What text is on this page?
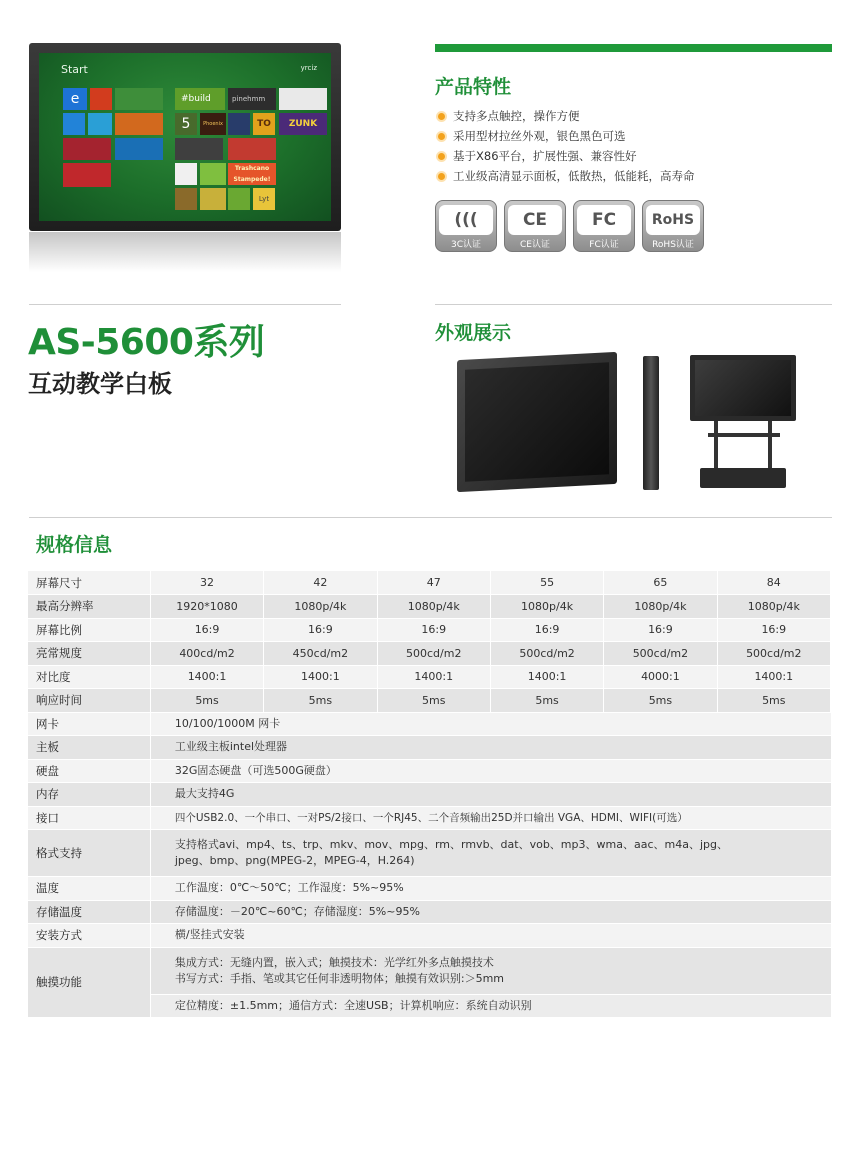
Start	yrciz
e	#build	pinehmm
5	Phoenix	TO	ZUNK
Trashcano Stampede!
Lyt
产品特性
支持多点触控，操作方便
采用型材拉丝外观，银色黑色可选
基于X86平台，扩展性强、兼容性好
工业级高清显示面板，低散热，低能耗，高寿命
(((
3C认证
CE
CE认证
FC
FC认证
RoHS
RoHS认证
AS-5600系列
互动教学白板
外观展示
规格信息
屏幕尺寸	32	42	47	55	65	84
最高分辨率	1920*1080	1080p/4k	1080p/4k	1080p/4k	1080p/4k	1080p/4k
屏幕比例	16:9	16:9	16:9	16:9	16:9	16:9
亮常规度	400cd/m2	450cd/m2	500cd/m2	500cd/m2	500cd/m2	500cd/m2
对比度	1400:1	1400:1	1400:1	1400:1	4000:1	1400:1
响应时间	5ms	5ms	5ms	5ms	5ms	5ms
网卡	10/100/1000M 网卡					
主板	工业级主板intel处理器					
硬盘	32G固态硬盘（可选500G硬盘）					
内存	最大支持4G					
接口	四个USB2.0、一个串口、一对PS/2接口、一个RJ45、二个音频输出25D并口输出 VGA、HDMI、WIFI(可选）					
格式支持	支持格式avi、mp4、ts、trp、mkv、mov、mpg、rm、rmvb、dat、vob、mp3、wma、aac、m4a、jpg、
jpeg、bmp、png(MPEG-2，MPEG-4，H.264)					

温度	工作温度：0℃～50℃；工作湿度：5%~95%					
存储温度	存储温度：－20℃~60℃；存储湿度：5%~95%					
安装方式	横/竖挂式安装					
触摸功能	集成方式：无缝内置，嵌入式；触摸技术：光学红外多点触摸技术
书写方式：手指、笔或其它任何非透明物体；触摸有效识别:＞5mm					

	定位精度：±1.5mm；通信方式：全速USB；计算机响应：系统自动识别					
